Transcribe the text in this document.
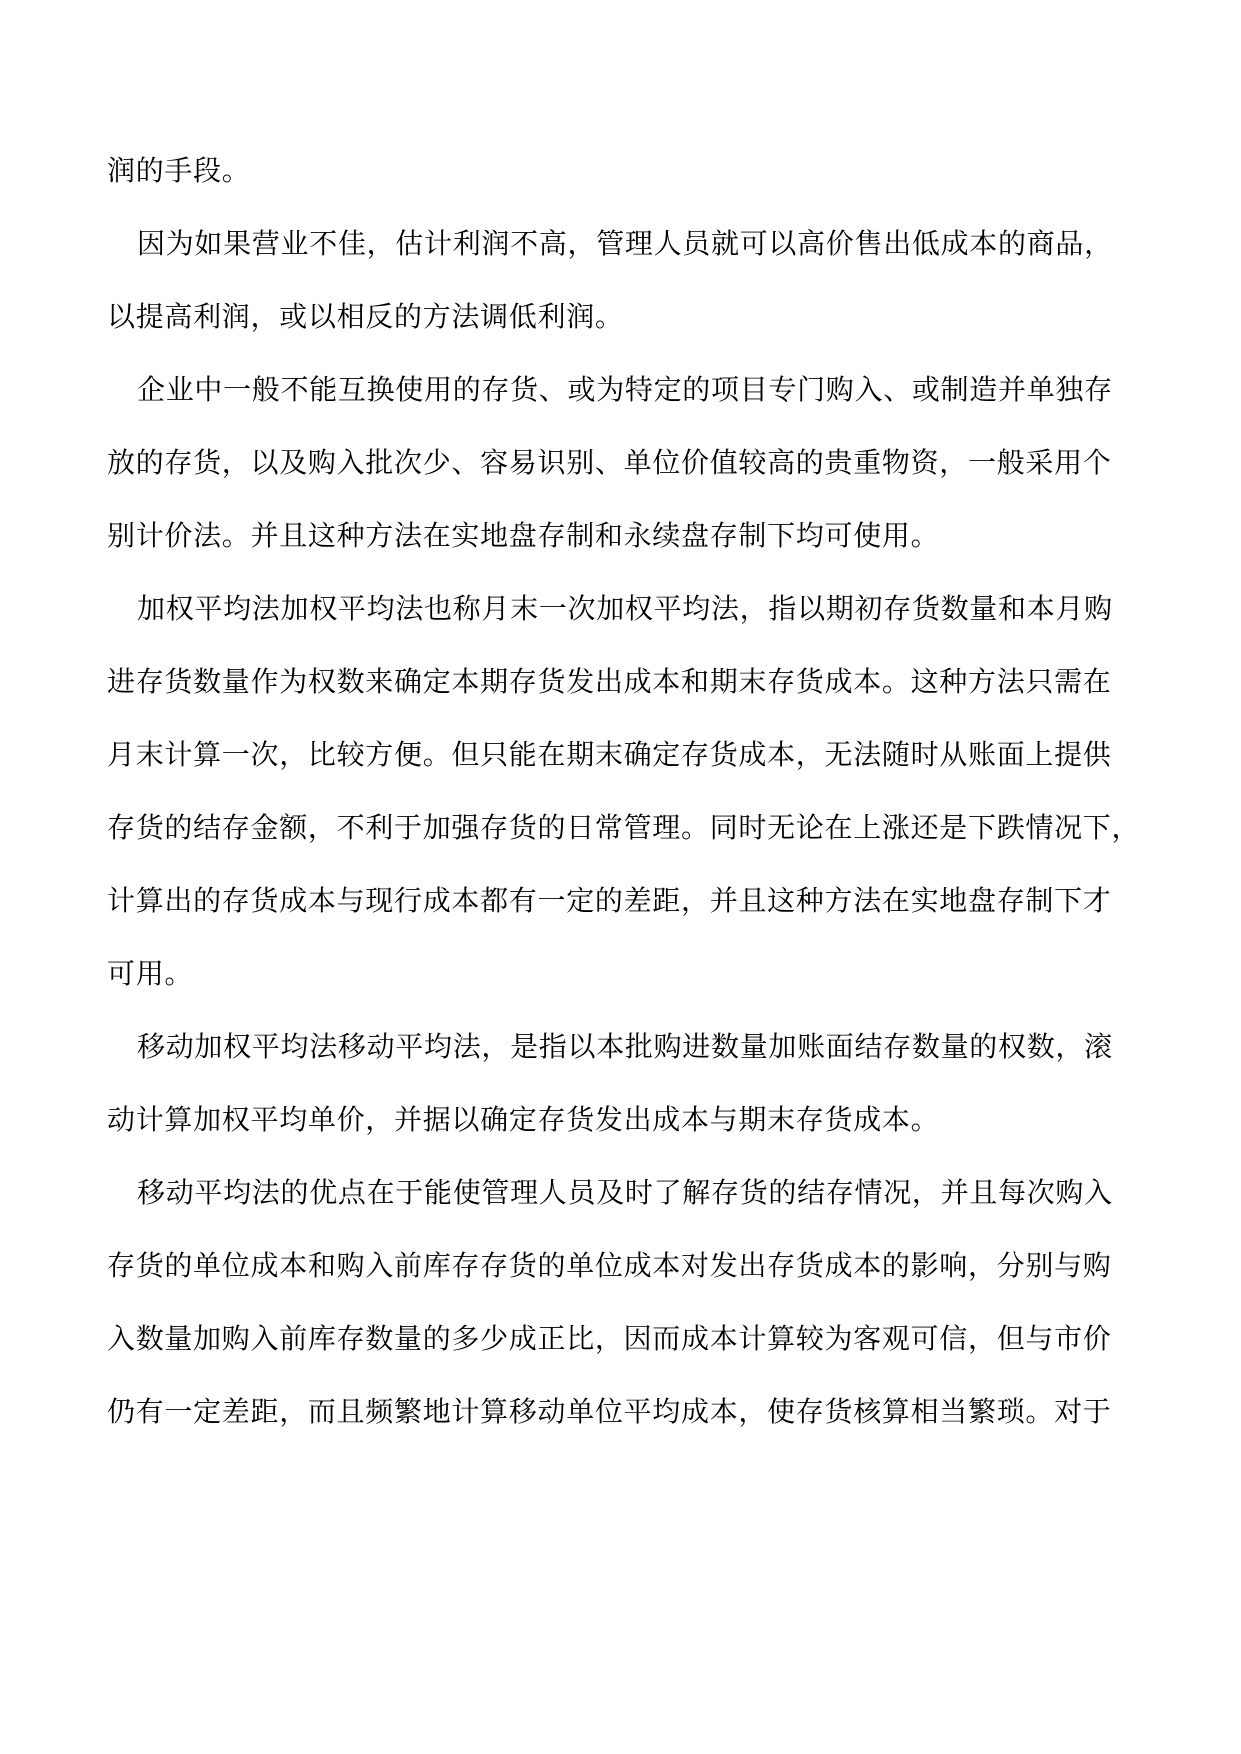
润的手段。

因为如果营业不佳，估计利润不高，管理人员就可以高价售出低成本的商品，

以提高利润，或以相反的方法调低利润。

企业中一般不能互换使用的存货、或为特定的项目专门购入、或制造并单独存

放的存货，以及购入批次少、容易识别、单位价值较高的贵重物资，一般采用个

别计价法。并且这种方法在实地盘存制和永续盘存制下均可使用。

加权平均法加权平均法也称月末一次加权平均法，指以期初存货数量和本月购

进存货数量作为权数来确定本期存货发出成本和期末存货成本。这种方法只需在

月末计算一次，比较方便。但只能在期末确定存货成本，无法随时从账面上提供

存货的结存金额，不利于加强存货的日常管理。同时无论在上涨还是下跌情况下，

计算出的存货成本与现行成本都有一定的差距，并且这种方法在实地盘存制下才

可用。

移动加权平均法移动平均法，是指以本批购进数量加账面结存数量的权数，滚

动计算加权平均单价，并据以确定存货发出成本与期末存货成本。

移动平均法的优点在于能使管理人员及时了解存货的结存情况，并且每次购入

存货的单位成本和购入前库存存货的单位成本对发出存货成本的影响，分别与购

入数量加购入前库存数量的多少成正比，因而成本计算较为客观可信，但与市价

仍有一定差距，而且频繁地计算移动单位平均成本，使存货核算相当繁琐。对于
